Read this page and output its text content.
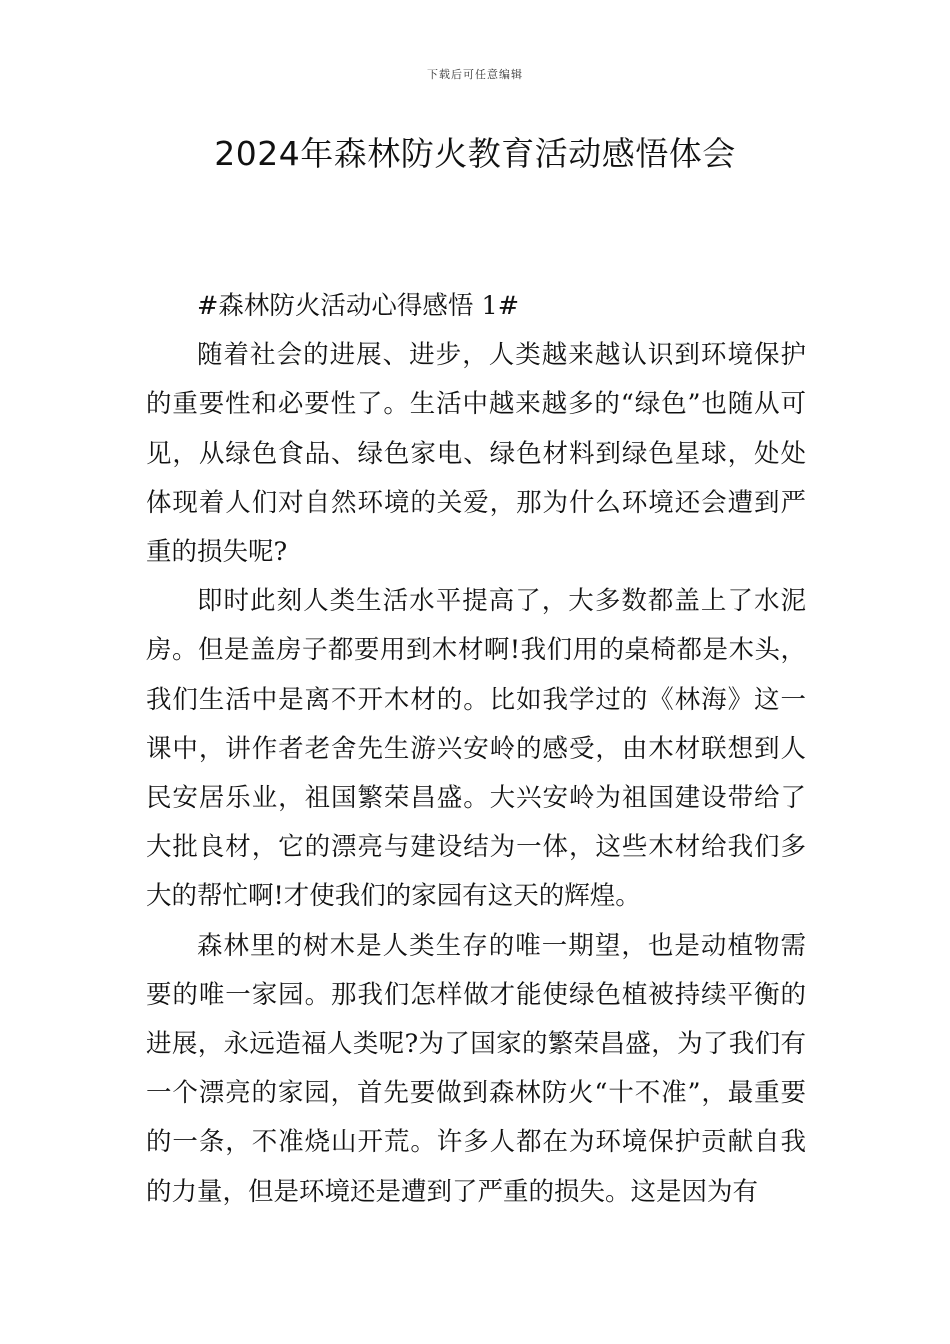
下载后可任意编辑
2024年森林防火教育活动感悟体会

#森林防火活动心得感悟 1#

随着社会的进展、进步，人类越来越认识到环境保护的重要性和必要性了。生活中越来越多的“绿色”也随从可见，从绿色食品、绿色家电、绿色材料到绿色星球，处处体现着人们对自然环境的关爱，那为什么环境还会遭到严重的损失呢?

即时此刻人类生活水平提高了，大多数都盖上了水泥房。但是盖房子都要用到木材啊!我们用的桌椅都是木头，我们生活中是离不开木材的。比如我学过的《林海》这一课中，讲作者老舍先生游兴安岭的感受，由木材联想到人民安居乐业，祖国繁荣昌盛。大兴安岭为祖国建设带给了大批良材，它的漂亮与建设结为一体，这些木材给我们多大的帮忙啊!才使我们的家园有这天的辉煌。

森林里的树木是人类生存的唯一期望，也是动植物需要的唯一家园。那我们怎样做才能使绿色植被持续平衡的进展，永远造福人类呢?为了国家的繁荣昌盛，为了我们有一个漂亮的家园，首先要做到森林防火“十不准”，最重要的一条，不准烧山开荒。许多人都在为环境保护贡献自我的力量，但是环境还是遭到了严重的损失。这是因为有
